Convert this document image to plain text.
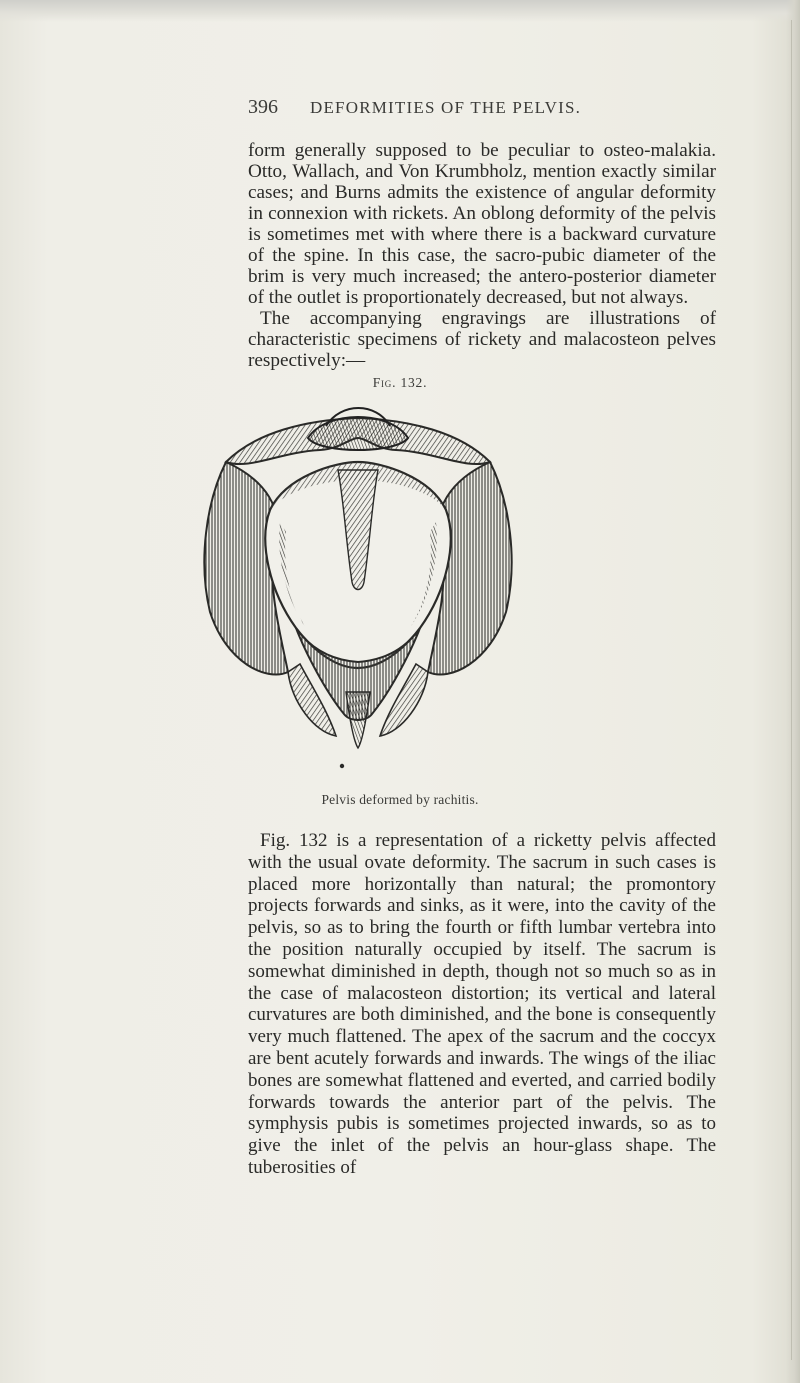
396 DEFORMITIES OF THE PELVIS.
form generally supposed to be peculiar to osteo-malakia. Otto, Wallach, and Von Krumbholz, mention exactly similar cases; and Burns admits the existence of angular deformity in connexion with rickets. An oblong deformity of the pelvis is sometimes met with where there is a backward curvature of the spine. In this case, the sacro-pubic diameter of the brim is very much increased; the antero-posterior diameter of the outlet is proportionately decreased, but not always.
The accompanying engravings are illustrations of characteristic specimens of rickety and malacosteon pelves respectively:—
Fig. 132.
Pelvis deformed by rachitis.
Fig. 132 is a representation of a ricketty pelvis affected with the usual ovate deformity. The sacrum in such cases is placed more horizontally than natural; the promontory projects forwards and sinks, as it were, into the cavity of the pelvis, so as to bring the fourth or fifth lumbar vertebra into the position naturally occupied by itself. The sacrum is somewhat diminished in depth, though not so much so as in the case of malacosteon distortion; its vertical and lateral curvatures are both diminished, and the bone is consequently very much flattened. The apex of the sacrum and the coccyx are bent acutely forwards and inwards. The wings of the iliac bones are somewhat flattened and everted, and carried bodily forwards towards the anterior part of the pelvis. The symphysis pubis is sometimes projected inwards, so as to give the inlet of the pelvis an hour-glass shape. The tuberosities of
